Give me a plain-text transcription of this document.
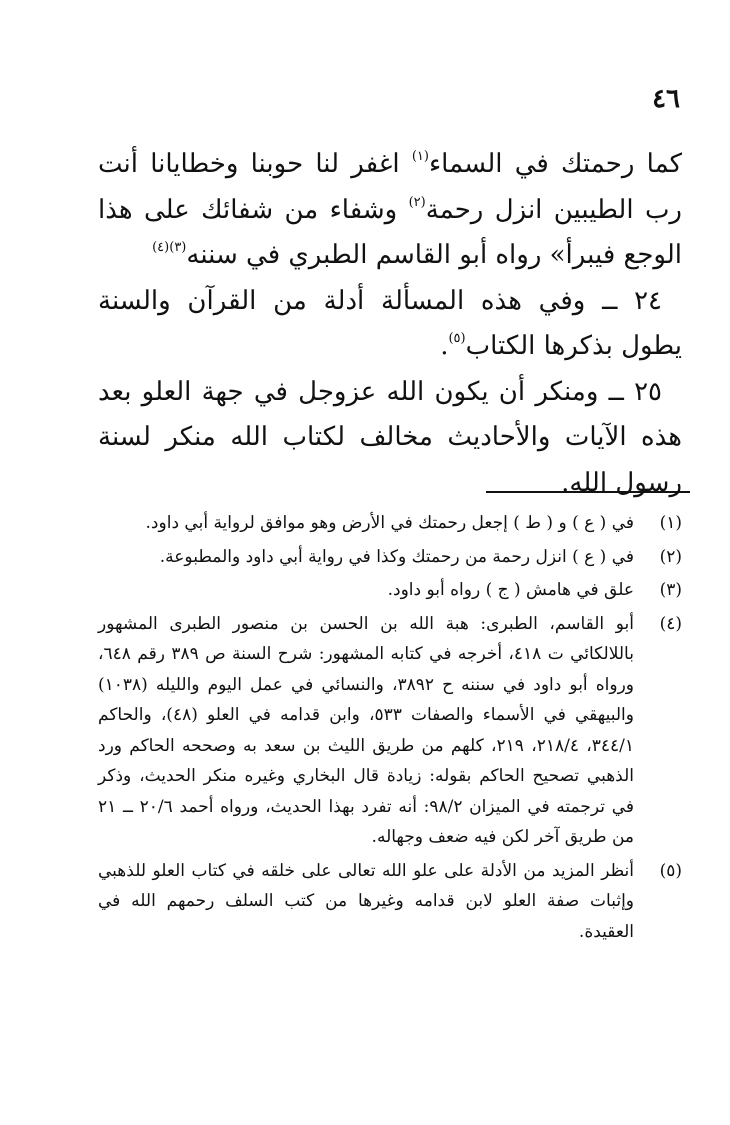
٤٦

كما رحمتك في السماء$^{(١)}$ اغفر لنا حوبنا وخطايانا أنت رب الطيبين انزل رحمة$^{(٢)}$ وشفاء من شفائك على هذا الوجع فيبرأ» رواه أبو القاسم الطبري في سننه$^{(٣)(٤)}$

٢٤ ــ وفي هذه المسألة أدلة من القرآن والسنة يطول بذكرها الكتاب$^{(٥)}$.

٢٥ ــ ومنكر أن يكون الله عزوجل في جهة العلو بعد هذه الآيات والأحاديث مخالف لكتاب الله منكر لسنة رسول الله.

(١)
في ( ع ) و ( ط ) إجعل رحمتك في الأرض وهو موافق لرواية أبي داود.
(٢)
في ( ع ) انزل رحمة من رحمتك وكذا في رواية أبي داود والمطبوعة.
(٣)
علق في هامش ( ج ) رواه أبو داود.
(٤)
أبو القاسم، الطبرى: هبة الله بن الحسن بن منصور الطبرى المشهور باللالكائي ت ٤١٨، أخرجه في كتابه المشهور: شرح السنة ص ٣٨٩ رقم ٦٤٨، ورواه أبو داود في سننه ح ٣٨٩٢، والنسائي في عمل اليوم والليله (١٠٣٨) والبيهقي في الأسماء والصفات ٥٣٣، وابن قدامه في العلو (٤٨)، والحاكم ٣٤٤/١، ٢١٨/٤، ٢١٩، كلهم من طريق الليث بن سعد به وصححه الحاكم ورد الذهبي تصحيح الحاكم بقوله: زيادة قال البخاري وغيره منكر الحديث، وذكر في ترجمته في الميزان ٩٨/٢: أنه تفرد بهذا الحديث، ورواه أحمد ٢٠/٦ ــ ٢١ من طريق آخر لكن فيه ضعف وجهاله.
(٥)
أنظر المزيد من الأدلة على علو الله تعالى على خلقه في كتاب العلو للذهبي وإثبات صفة العلو لابن قدامه وغيرها من كتب السلف رحمهم الله في العقيدة.
